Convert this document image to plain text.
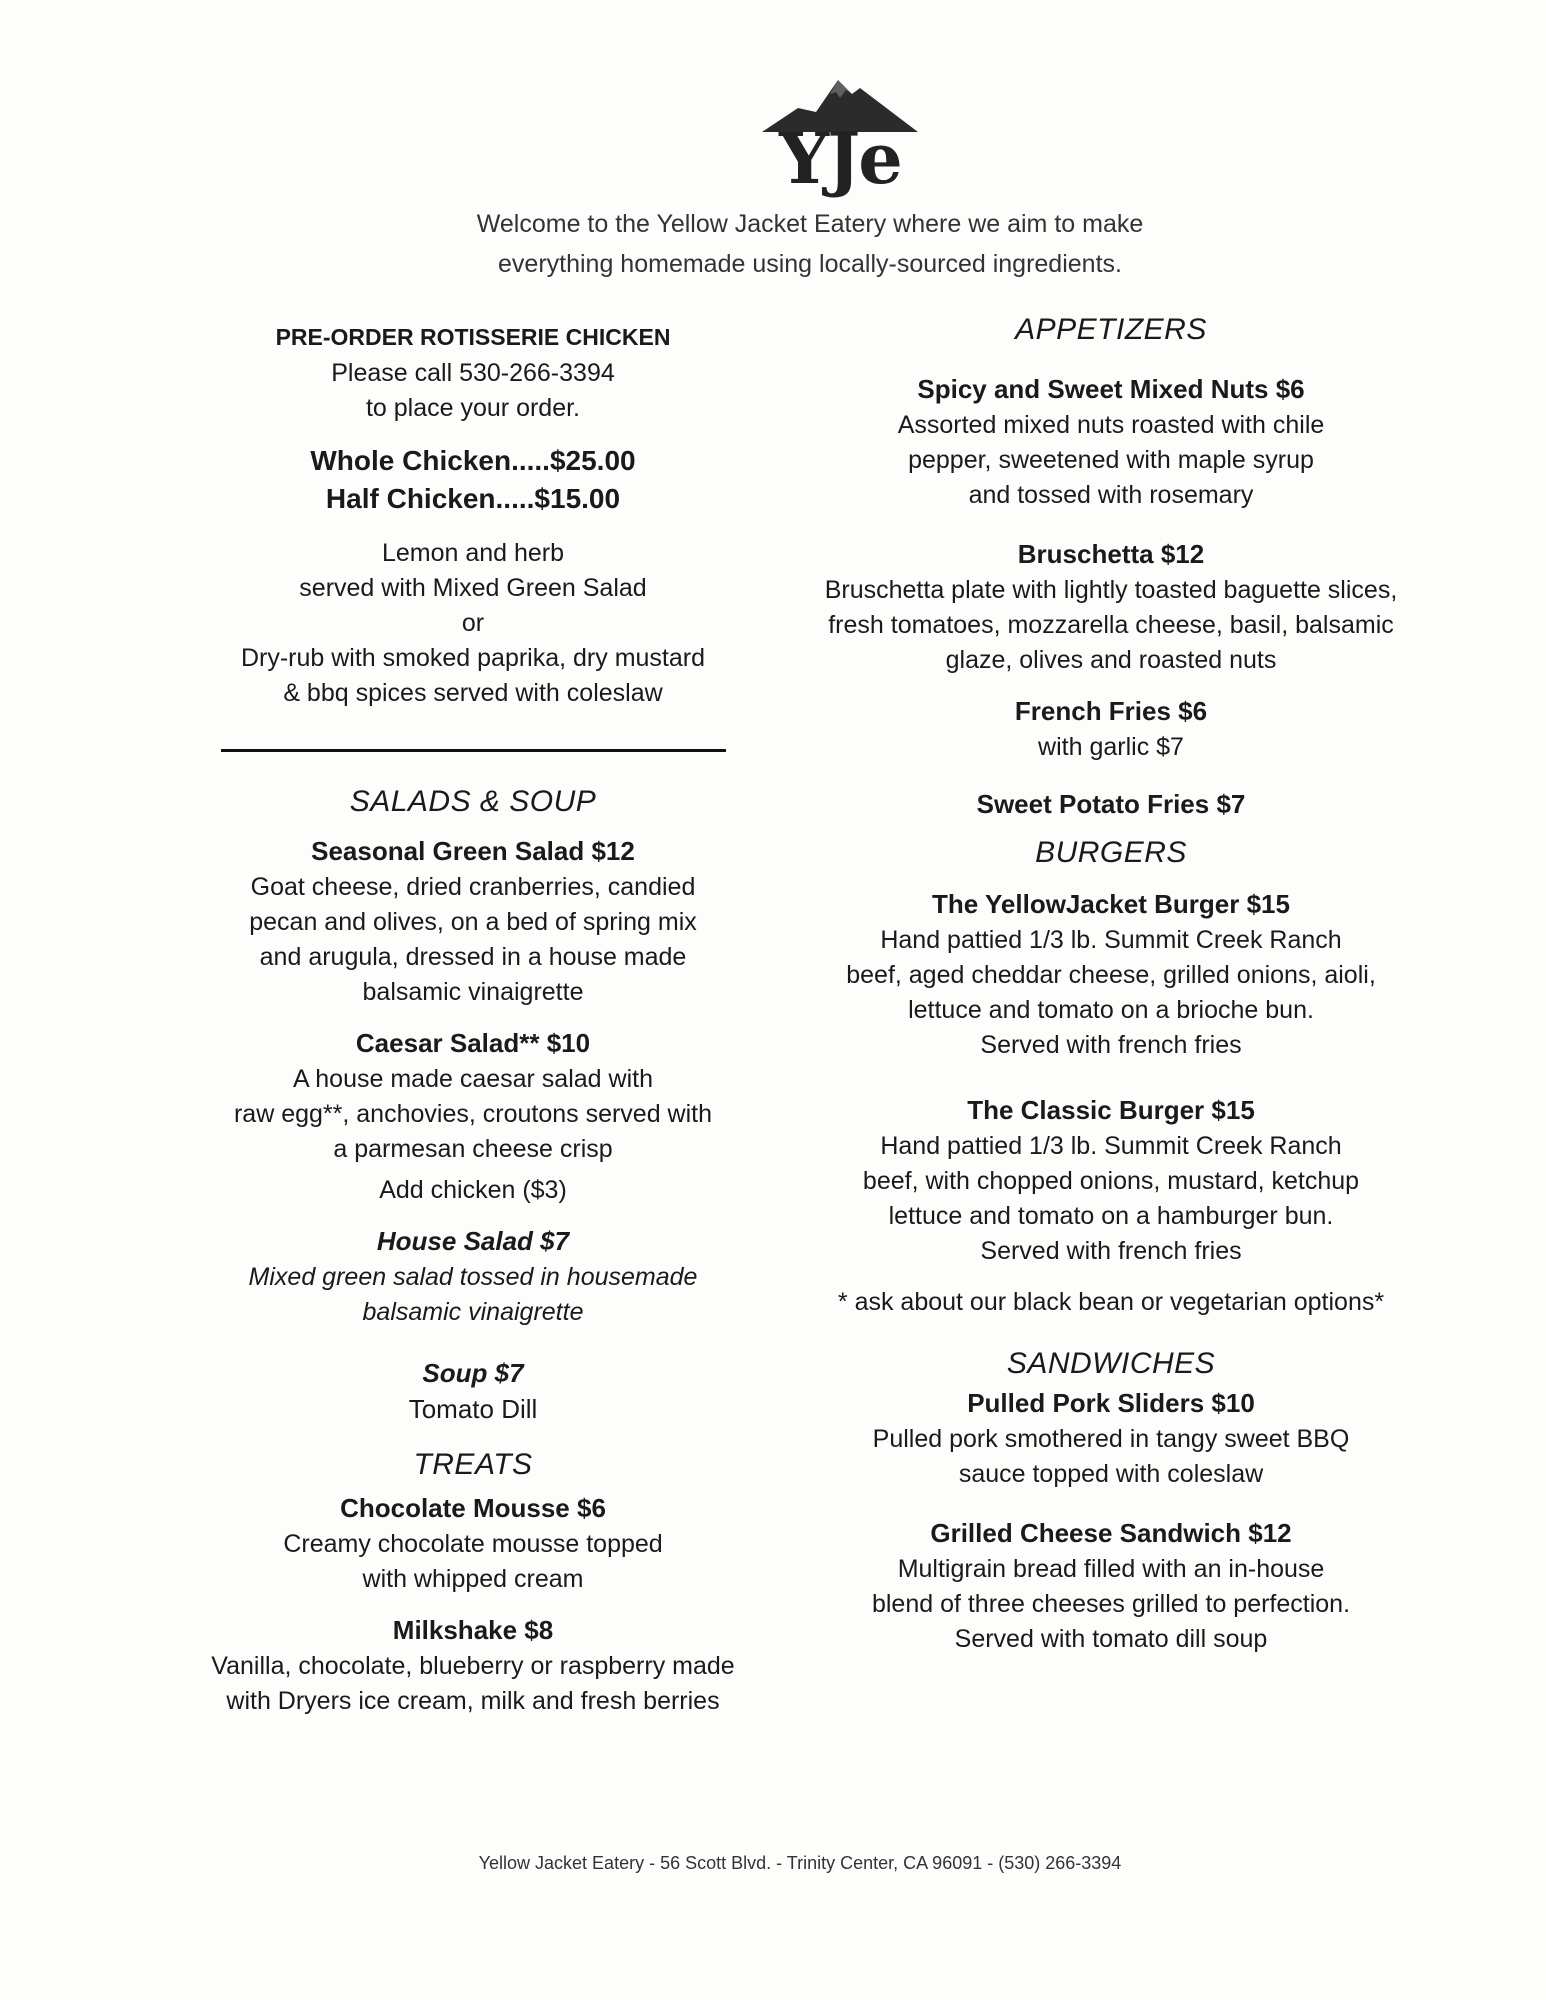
YJe
Welcome to the Yellow Jacket Eatery where we aim to make
everything homemade using locally-sourced ingredients.
PRE-ORDER ROTISSERIE CHICKEN
Please call 530-266-3394
to place your order.
Whole Chicken.....$25.00
Half Chicken.....$15.00
Lemon and herb
served with Mixed Green Salad
or
Dry-rub with smoked paprika, dry mustard
& bbq spices served with coleslaw
SALADS & SOUP
Seasonal Green Salad $12
Goat cheese, dried cranberries, candied
pecan and olives, on a bed of spring mix
and arugula, dressed in a house made
balsamic vinaigrette
Caesar Salad** $10
A house made caesar salad with
raw egg**, anchovies, croutons served with
a parmesan cheese crisp
Add chicken ($3)
House Salad $7
Mixed green salad tossed in housemade
balsamic vinaigrette
Soup $7
Tomato Dill
TREATS
Chocolate Mousse $6
Creamy chocolate mousse topped
with whipped cream
Milkshake $8
Vanilla, chocolate, blueberry or raspberry made
with Dryers ice cream, milk and fresh berries
APPETIZERS
Spicy and Sweet Mixed Nuts $6
Assorted mixed nuts roasted with chile
pepper, sweetened with maple syrup
and tossed with rosemary
Bruschetta $12
Bruschetta plate with lightly toasted baguette slices,
fresh tomatoes, mozzarella cheese, basil, balsamic
glaze, olives and roasted nuts
French Fries $6
with garlic $7
Sweet Potato Fries $7
BURGERS
The YellowJacket Burger $15
Hand pattied 1/3 lb. Summit Creek Ranch
beef, aged cheddar cheese, grilled onions, aioli,
lettuce and tomato on a brioche bun.
Served with french fries
The Classic Burger $15
Hand pattied 1/3 lb. Summit Creek Ranch
beef, with chopped onions, mustard, ketchup
lettuce and tomato on a hamburger bun.
Served with french fries
* ask about our black bean or vegetarian options*
SANDWICHES
Pulled Pork Sliders $10
Pulled pork smothered in tangy sweet BBQ
sauce topped with coleslaw
Grilled Cheese Sandwich $12
Multigrain bread filled with an in-house
blend of three cheeses grilled to perfection.
Served with tomato dill soup
Yellow Jacket Eatery - 56 Scott Blvd. - Trinity Center, CA 96091 - (530) 266-3394
